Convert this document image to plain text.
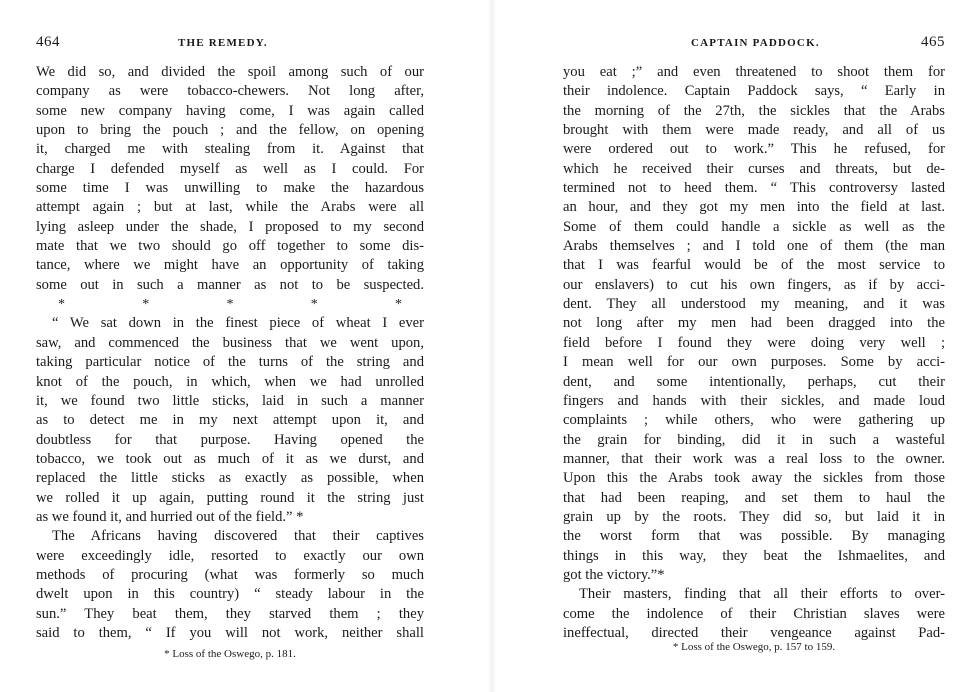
464	THE REMEDY.
We did so, and divided the spoil among such of our
company as were tobacco-chewers. Not long after,
some new company having come, I was again called
upon to bring the pouch ; and the fellow, on opening
it, charged me with stealing from it. Against that
charge I defended myself as well as I could. For
some time I was unwilling to make the hazardous
attempt again ; but at last, while the Arabs were all
lying asleep under the shade, I proposed to my second
mate that we two should go off together to some dis-
tance, where we might have an opportunity of taking
some out in such a manner as not to be suspected.
*	*	*	*	*
“ We sat down in the finest piece of wheat I ever
saw, and commenced the business that we went upon,
taking particular notice of the turns of the string and
knot of the pouch, in which, when we had unrolled
it, we found two little sticks, laid in such a manner
as to detect me in my next attempt upon it, and
doubtless for that purpose. Having opened the
tobacco, we took out as much of it as we durst, and
replaced the little sticks as exactly as possible, when
we rolled it up again, putting round it the string just
as we found it, and hurried out of the field.” *
The Africans having discovered that their captives
were exceedingly idle, resorted to exactly our own
methods of procuring (what was formerly so much
dwelt upon in this country) “ steady labour in the
sun.” They beat them, they starved them ; they
said to them, “ If you will not work, neither shall
* Loss of the Oswego, p. 181.
CAPTAIN PADDOCK.	465
you eat ;” and even threatened to shoot them for
their indolence. Captain Paddock says, “ Early in
the morning of the 27th, the sickles that the Arabs
brought with them were made ready, and all of us
were ordered out to work.” This he refused, for
which he received their curses and threats, but de-
termined not to heed them. “ This controversy lasted
an hour, and they got my men into the field at last.
Some of them could handle a sickle as well as the
Arabs themselves ; and I told one of them (the man
that I was fearful would be of the most service to
our enslavers) to cut his own fingers, as if by acci-
dent. They all understood my meaning, and it was
not long after my men had been dragged into the
field before I found they were doing very well ;
I mean well for our own purposes. Some by acci-
dent, and some intentionally, perhaps, cut their
fingers and hands with their sickles, and made loud
complaints ; while others, who were gathering up
the grain for binding, did it in such a wasteful
manner, that their work was a real loss to the owner.
Upon this the Arabs took away the sickles from those
that had been reaping, and set them to haul the
grain up by the roots. They did so, but laid it in
the worst form that was possible. By managing
things in this way, they beat the Ishmaelites, and
got the victory.”*
Their masters, finding that all their efforts to over-
come the indolence of their Christian slaves were
ineffectual, directed their vengeance against Pad-
* Loss of the Oswego, p. 157 to 159.
